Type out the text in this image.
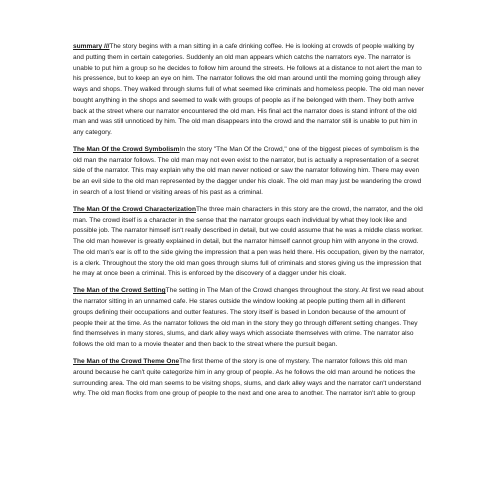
summary ///The story begins with a man sitting in a cafe drinking coffee. He is looking at crowds of people walking by and putting them in certain categories. Suddenly an old man appears which catchs the narrators eye. The narrator is unable to put him a group so he decides to follow him around the streets. He follows at a distance to not alert the man to his pressence, but to keep an eye on him. The narrator follows the old man around until the morning going through alley ways and shops. They walked through slums full of what seemed like criminals and homeless people. The old man never bought anything in the shops and seemed to walk with groups of people as if he belonged with them. They both arrive back at the street where our narrator encountered the old man. His final act the narrator does is stand infront of the old man and was still unnoticed by him. The old man disappears into the crowd and the narrator still is unable to put him in any category.

The Man Of the Crowd SymbolismIn the story "The Man Of the Crowd," one of the biggest pieces of symbolism is the old man the narrator follows. The old man may not even exist to the narrator, but is actually a representation of a secret side of the narrator. This may explain why the old man never noticed or saw the narrator following him. There may even be an evil side to the old man represented by the dagger under his cloak. The old man may just be wandering the crowd in search of a lost friend or visiting areas of his past as a criminal.

The Man Of the Crowd CharacterizationThe three main characters in this story are the crowd, the narrator, and the old man. The crowd itself is a character in the sense that the narrator groups each individual by what they look like and possible job. The narrator himself isn't really described in detail, but we could assume that he was a middle class worker. The old man however is greatly explained in detail, but the narrator himself cannot group him with anyone in the crowd. The old man's ear is off to the side giving the impression that a pen was held there. His occupation, given by the narrator, is a clerk. Throughout the story the old man goes through slums full of criminals and stores giving us the impression that he may at once been a criminal. This is enforced by the discovery of a dagger under his cloak.

The Man of the Crowd SettingThe setting in The Man of the Crowd changes throughout the story. At first we read about the narrator sitting in an unnamed cafe. He stares outside the window looking at people putting them all in different groups defining their occupations and outter features. The story itself is based in London because of the amount of people their at the time. As the narrator follows the old man in the story they go through different setting changes. They find themselves in many stores, slums, and dark alley ways which associate themselves with crime. The narrator also follows the old man to a movie theater and then back to the streat where the pursuit began.

The Man of the Crowd Theme OneThe first theme of the story is one of mystery. The narrator follows this old man around because he can't quite categorize him in any group of people. As he follows the old man around he notices the surrounding area. The old man seems to be visitng shops, slums, and dark alley ways and the narrator can't understand why. The old man flocks from one group of people to the next and one area to another. The narrator isn't able to group
